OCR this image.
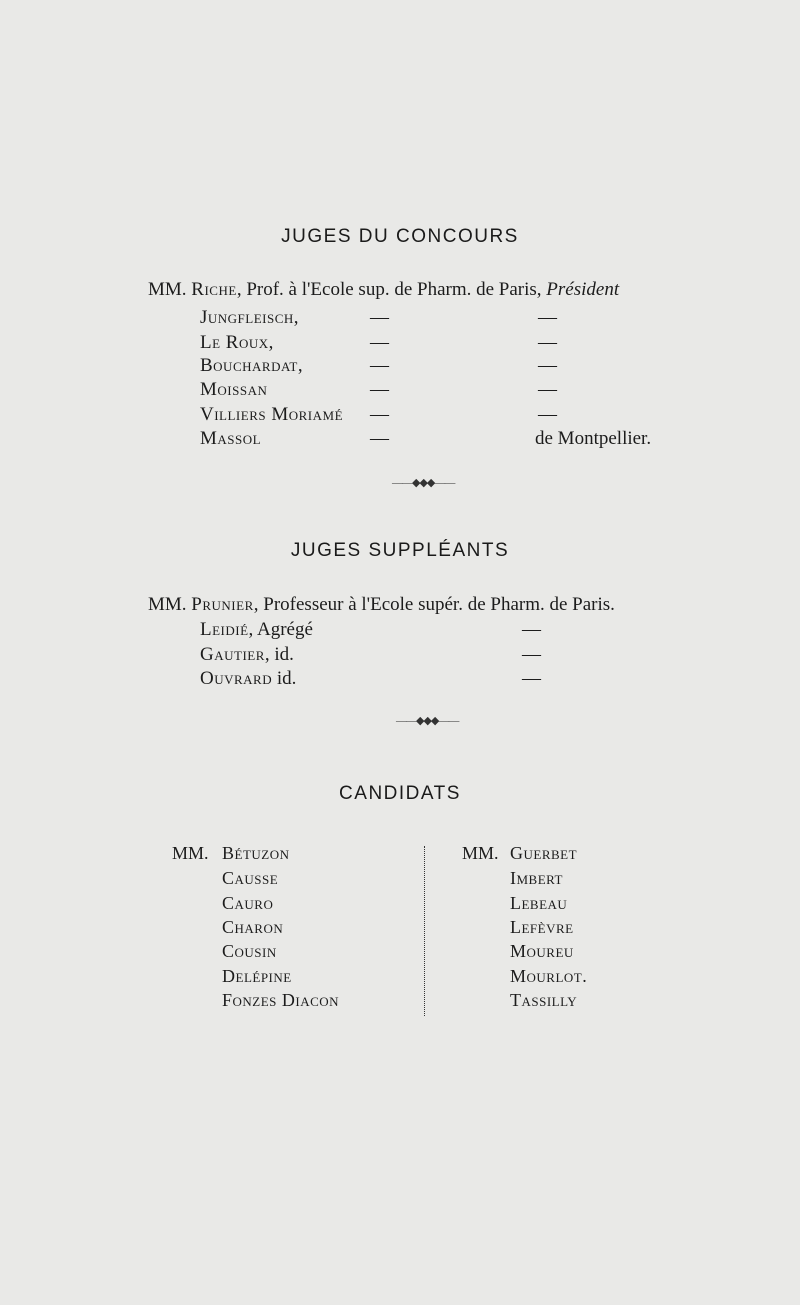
JUGES DU CONCOURS
MM. Riche, Prof. à l'Ecole sup. de Pharm. de Paris, Président
Jungfleisch,	—	—
Le Roux,	—	—
Bouchardat,	—	—
Moissan	—	—
Villiers Moriamé —	—
Massol	—	de Montpellier.
——◆◆◆——
JUGES SUPPLÉANTS
MM. Prunier, Professeur à l'Ecole supér. de Pharm. de Paris.
Leidié, Agrégé	—
Gautier, id.	—
Ouvrard id.	—
——◆◆◆——
CANDIDATS
MM. Bétuzon
Causse
Cauro
Charon
Cousin
Delépine
Fonzes Diacon
MM. Guerbet
Imbert
Lebeau
Lefèvre
Moureu
Mourlot.
Tassilly
